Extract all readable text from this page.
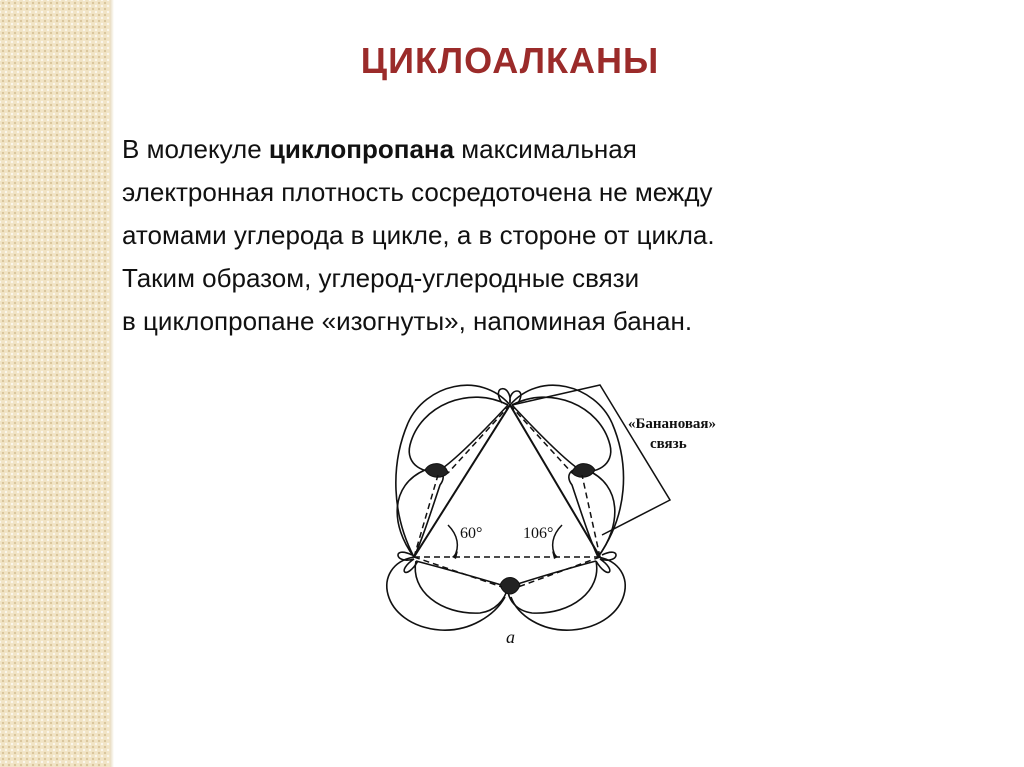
ЦИКЛОАЛКАНЫ
В молекуле циклопропана максимальная
электронная плотность сосредоточена не между
атомами углерода в цикле, а в стороне от цикла.
Таким образом, углерод-углеродные связи
в циклопропане «изогнуты», напоминая банан.
«Банановая»
связь
60°	106°
a
